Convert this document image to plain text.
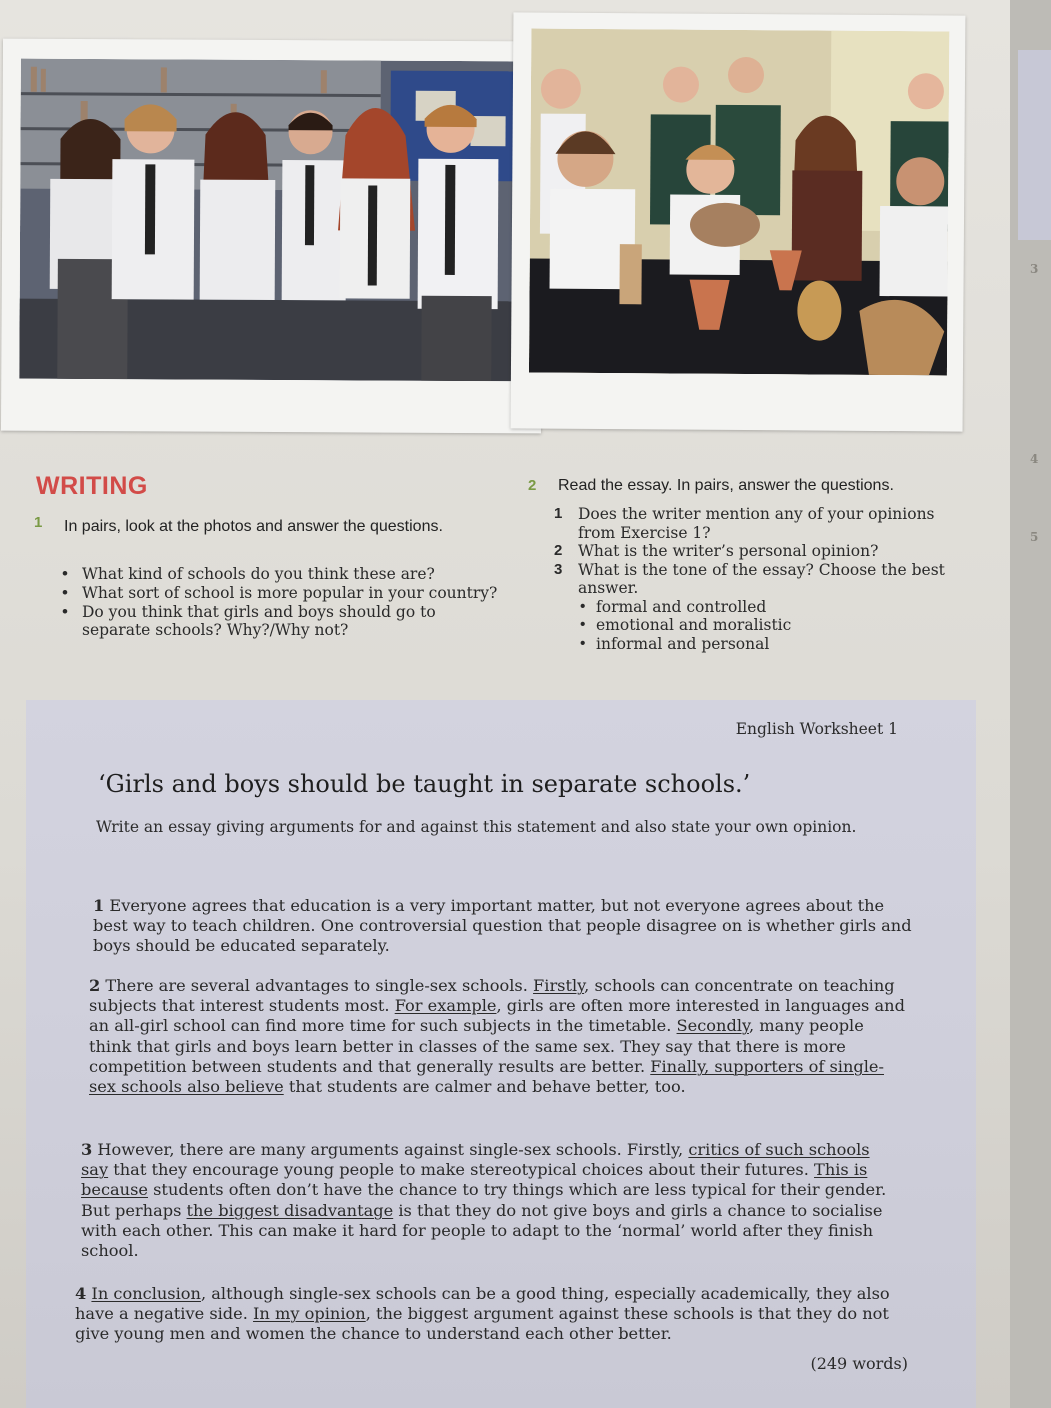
WRITING
1 In pairs, look at the photos and answer the questions.
• What kind of schools do you think these are?
• What sort of school is more popular in your country?
• Do you think that girls and boys should go to separate schools? Why?/Why not?
2 Read the essay. In pairs, answer the questions.
1 Does the writer mention any of your opinions from Exercise 1?
2 What is the writer’s personal opinion?
3 What is the tone of the essay? Choose the best answer.
• formal and controlled
• emotional and moralistic
• informal and personal
English Worksheet 1
‘Girls and boys should be taught in separate schools.’
Write an essay giving arguments for and against this statement and also state your own opinion.

1 Everyone agrees that education is a very important matter, but not everyone agrees about the best way to teach children. One controversial question that people disagree on is whether girls and boys should be educated separately.

2 There are several advantages to single-sex schools. Firstly, schools can concentrate on teaching subjects that interest students most. For example, girls are often more interested in languages and an all-girl school can find more time for such subjects in the timetable. Secondly, many people think that girls and boys learn better in classes of the same sex. They say that there is more competition between students and that generally results are better. Finally, supporters of single-sex schools also believe that students are calmer and behave better, too.

3 However, there are many arguments against single-sex schools. Firstly, critics of such schools say that they encourage young people to make stereotypical choices about their futures. This is because students often don’t have the chance to try things which are less typical for their gender. But perhaps the biggest disadvantage is that they do not give boys and girls a chance to socialise with each other. This can make it hard for people to adapt to the ‘normal’ world after they finish school.

4 In conclusion, although single-sex schools can be a good thing, especially academically, they also have a negative side. In my opinion, the biggest argument against these schools is that they do not give young men and women the chance to understand each other better.

(249 words)
3
4
5
